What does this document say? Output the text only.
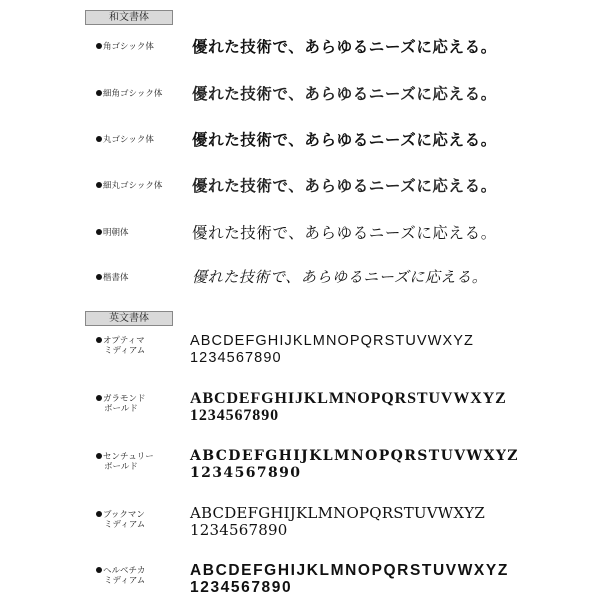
和文書体
角ゴシック体 優れた技術で、あらゆるニーズに応える。
細角ゴシック体 優れた技術で、あらゆるニーズに応える。
丸ゴシック体 優れた技術で、あらゆるニーズに応える。
細丸ゴシック体 優れた技術で、あらゆるニーズに応える。
明朝体	優れた技術で、あらゆるニーズに応える。
楷書体	優れた技術で、あらゆるニーズに応える。
英文書体
オプティマ
ミディアム
ABCDEFGHIJKLMNOPQRSTUVWXYZ
1234567890
ガラモンド
ボールド
ABCDEFGHIJKLMNOPQRSTUVWXYZ
1234567890
センチュリー
ボールド
ABCDEFGHIJKLMNOPQRSTUVWXYZ
1234567890
ブックマン
ミディアム
ABCDEFGHIJKLMNOPQRSTUVWXYZ
1234567890
ヘルベチカ
ミディアム
ABCDEFGHIJKLMNOPQRSTUVWXYZ
1234567890
